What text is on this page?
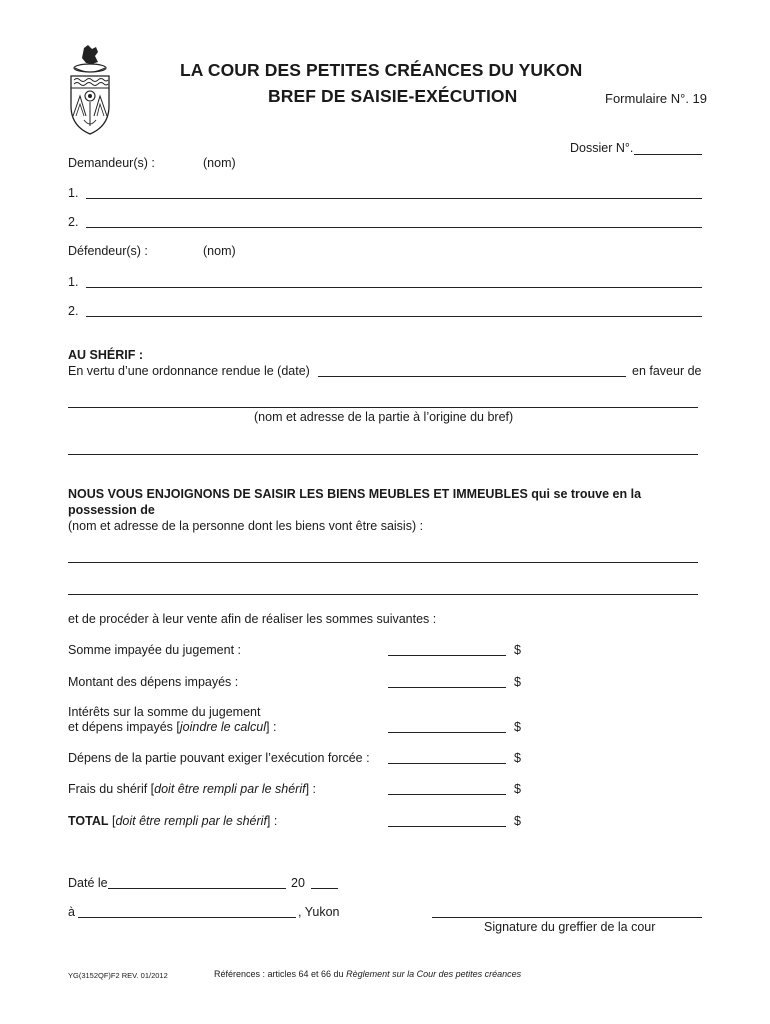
LA COUR DES PETITES CRÉANCES DU YUKON
BREF DE SAISIE-EXÉCUTION	Formulaire N°. 19
Dossier N°.
Demandeur(s) :	(nom)
1.
2.
Défendeur(s) :	(nom)
1.
2.
AU SHÉRIF :
En vertu d’une ordonnance rendue le (date)	en faveur de
(nom et adresse de la partie à l’origine du bref)
NOUS VOUS ENJOIGNONS DE SAISIR LES BIENS MEUBLES ET IMMEUBLES qui se trouve en la
possession de
(nom et adresse de la personne dont les biens vont être saisis) :
et de procéder à leur vente afin de réaliser les sommes suivantes :
Somme impayée du jugement :	$
Montant des dépens impayés :	$
Intérêts sur la somme du jugement
et dépens impayés [joindre le calcul] :	$
Dépens de la partie pouvant exiger l’exécution forcée :	$
Frais du shérif [doit être rempli par le shérif] :	$
TOTAL [doit être rempli par le shérif] :	$
Daté le	20
à	, Yukon
Signature du greffier de la cour
YG(3152QF)F2 REV. 01/2012	Références : articles 64 et 66 du Règlement sur la Cour des petites créances
